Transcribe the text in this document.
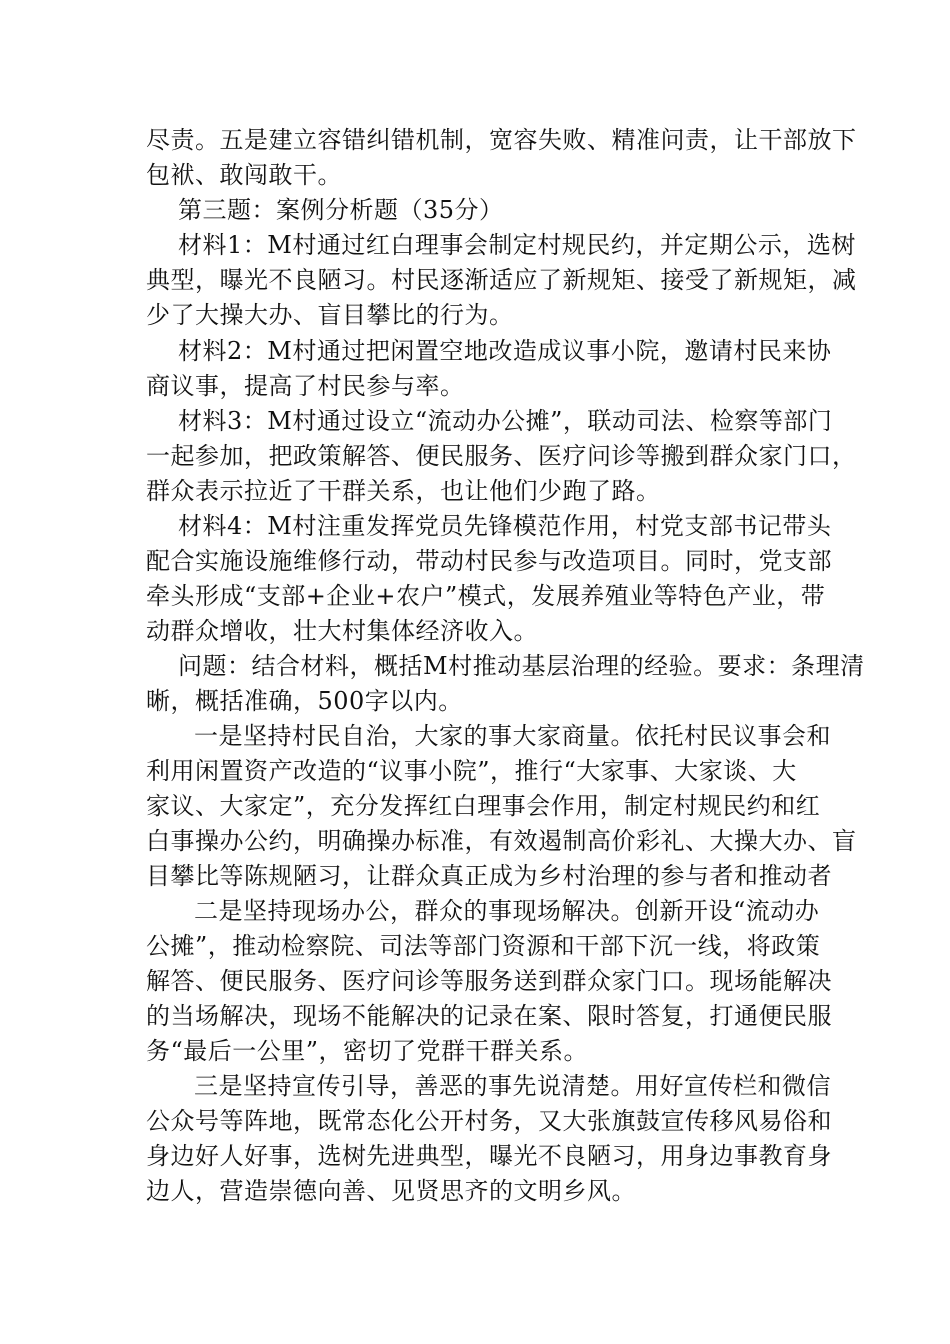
尽责。五是建立容错纠错机制，宽容失败、精准问责，让干部放下
包袱、敢闯敢干。
第三题：案例分析题（35分）
材料1：M村通过红白理事会制定村规民约，并定期公示，选树
典型，曝光不良陋习。村民逐渐适应了新规矩、接受了新规矩，减
少了大操大办、盲目攀比的行为。
材料2：M村通过把闲置空地改造成议事小院，邀请村民来协
商议事，提高了村民参与率。
材料3：M村通过设立“流动办公摊”，联动司法、检察等部门
一起参加，把政策解答、便民服务、医疗问诊等搬到群众家门口，
群众表示拉近了干群关系，也让他们少跑了路。
材料4：M村注重发挥党员先锋模范作用，村党支部书记带头
配合实施设施维修行动，带动村民参与改造项目。同时，党支部
牵头形成“支部+企业+农户”模式，发展养殖业等特色产业，带
动群众增收，壮大村集体经济收入。
问题：结合材料，概括M村推动基层治理的经验。要求：条理清
晰，概括准确，500字以内。
一是坚持村民自治，大家的事大家商量。依托村民议事会和
利用闲置资产改造的“议事小院”，推行“大家事、大家谈、大
家议、大家定”，充分发挥红白理事会作用，制定村规民约和红
白事操办公约，明确操办标准，有效遏制高价彩礼、大操大办、盲
目攀比等陈规陋习，让群众真正成为乡村治理的参与者和推动者
二是坚持现场办公，群众的事现场解决。创新开设“流动办
公摊”，推动检察院、司法等部门资源和干部下沉一线，将政策
解答、便民服务、医疗问诊等服务送到群众家门口。现场能解决
的当场解决，现场不能解决的记录在案、限时答复，打通便民服
务“最后一公里”，密切了党群干群关系。
三是坚持宣传引导，善恶的事先说清楚。用好宣传栏和微信
公众号等阵地，既常态化公开村务，又大张旗鼓宣传移风易俗和
身边好人好事，选树先进典型，曝光不良陋习，用身边事教育身
边人，营造崇德向善、见贤思齐的文明乡风。
